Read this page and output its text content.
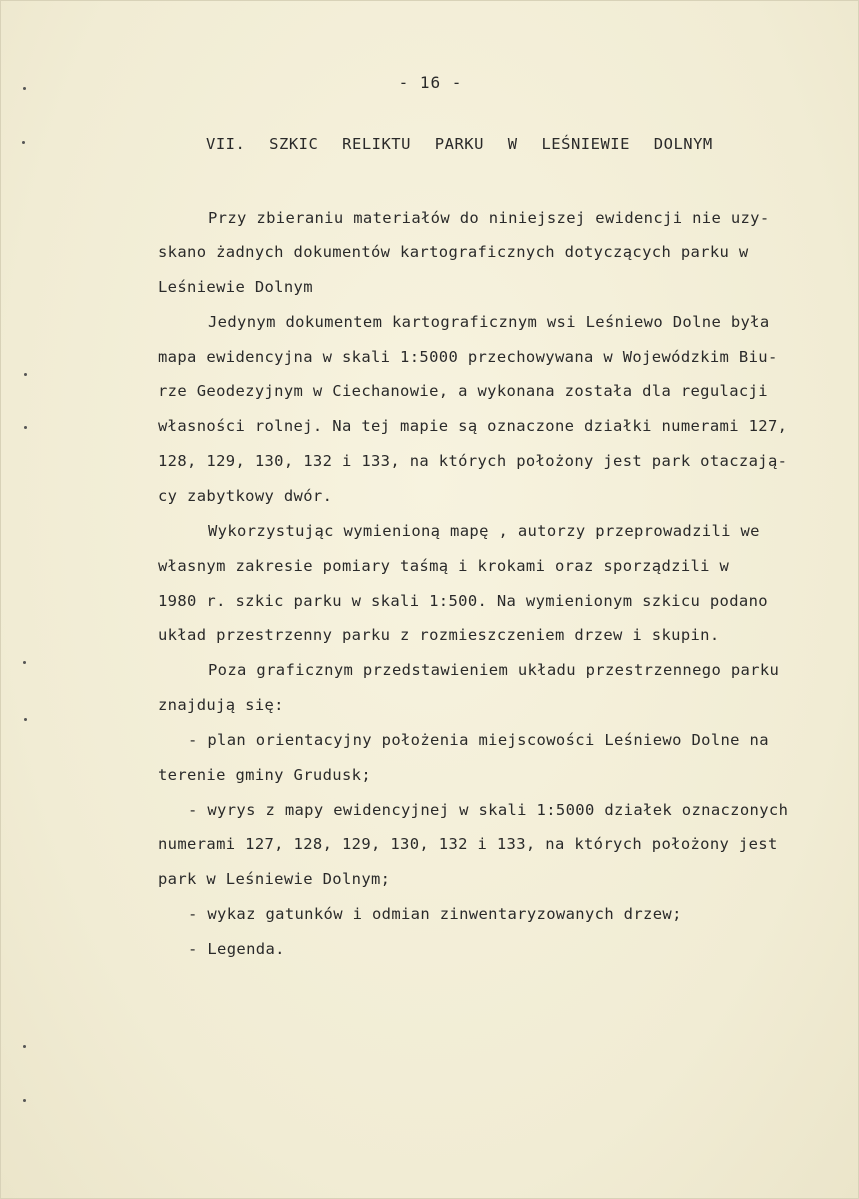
- 16 -
VII. SZKIC RELIKTU PARKU W LEŚNIEWIE DOLNYM
Przy zbieraniu materiałów do niniejszej ewidencji nie uzy-
skano żadnych dokumentów kartograficznych dotyczących parku w
Leśniewie Dolnym
Jedynym dokumentem kartograficznym wsi Leśniewo Dolne była
mapa ewidencyjna w skali 1:5000 przechowywana w Wojewódzkim Biu-
rze Geodezyjnym w Ciechanowie, a wykonana została dla regulacji
własności rolnej. Na tej mapie są oznaczone działki numerami 127,
128, 129, 130, 132 i 133, na których położony jest park otaczają-
cy zabytkowy dwór.
Wykorzystując wymienioną mapę , autorzy przeprowadzili we
własnym zakresie pomiary taśmą i krokami oraz sporządzili w
1980 r. szkic parku w skali 1:500. Na wymienionym szkicu podano
układ przestrzenny parku z rozmieszczeniem drzew i skupin.
Poza graficznym przedstawieniem układu przestrzennego parku
znajdują się:
- plan orientacyjny położenia miejscowości Leśniewo Dolne na
terenie gminy Grudusk;
- wyrys z mapy ewidencyjnej w skali 1:5000 działek oznaczonych
numerami 127, 128, 129, 130, 132 i 133, na których położony jest
park w Leśniewie Dolnym;
- wykaz gatunków i odmian zinwentaryzowanych drzew;
- Legenda.
